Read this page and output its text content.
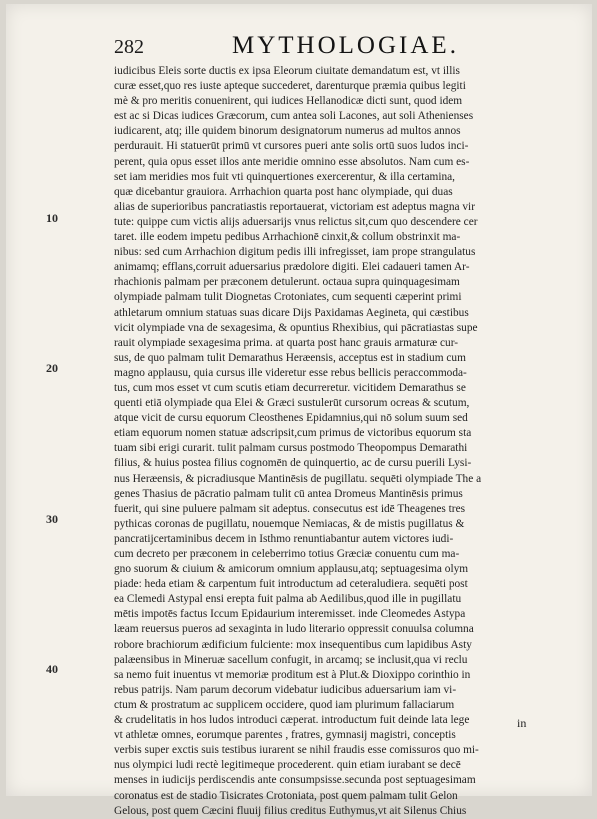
282	MYTHOLOGIAE.
10
20
30
40
iudicibus Eleis sorte ductis ex ipsa Eleorum ciuitate demandatum est, vt illis
curæ esset,quo res iuste apteque succederet, darenturque præmia quibus legiti
mè & pro meritis conuenirent, qui iudices Hellanodicæ dicti sunt, quod idem
est ac si Dicas iudices Græcorum, cum antea soli Lacones, aut soli Athenienses
iudicarent, atq; ille quidem binorum designatorum numerus ad multos annos
perdurauit. Hi statuerūt primū vt cursores pueri ante solis ortū suos ludos inci-
perent, quia opus esset illos ante meridie omnino esse absolutos. Nam cum es-
set iam meridies mos fuit vti quinquertiones exercerentur, & illa certamina,
quæ dicebantur grauiora. Arrhachion quarta post hanc olympiade, qui duas
alias de superioribus pancratiastis reportauerat, victoriam est adeptus magna vir
tute: quippe cum victis alijs aduersarijs vnus relictus sit,cum quo descendere cer
taret. ille eodem impetu pedibus Arrhachionē cinxit,& collum obstrinxit ma-
nibus: sed cum Arrhachion digitum pedis illi infregisset, iam prope strangulatus
animamq; efflans,corruit aduersarius prædolore digiti. Elei cadaueri tamen Ar-
rhachionis palmam per præconem detulerunt. octaua supra quinquagesimam
olympiade palmam tulit Diognetas Crotoniates, cum sequenti cæperint primi
athletarum omnium statuas suas dicare Dijs Paxidamas Aegineta, qui cæstibus
vicit olympiade vna de sexagesima, & opuntius Rhexibius, qui pācratiastas supe
rauit olympiade sexagesima prima. at quarta post hanc grauis armaturæ cur-
sus, de quo palmam tulit Demarathus Heræensis, acceptus est in stadium cum
magno applausu, quia cursus ille videretur esse rebus bellicis peraccommoda-
tus, cum mos esset vt cum scutis etiam decurreretur. vicitidem Demarathus se
quenti etiā olympiade qua Elei & Græci sustulerūt cursorum ocreas & scutum,
atque vicit de cursu equorum Cleosthenes Epidamnius,qui nō solum suum sed
etiam equorum nomen statuæ adscripsit,cum primus de victoribus equorum sta
tuam sibi erigi curarit. tulit palmam cursus postmodo Theopompus Demarathi
filius, & huius postea filius cognomēn de quinquertio, ac de cursu puerili Lysi-
nus Heræensis, & picradiusque Mantinēsis de pugillatu. sequēti olympiade The a
genes Thasius de pācratio palmam tulit cū antea Dromeus Mantinēsis primus
fuerit, qui sine puluere palmam sit adeptus. consecutus est idē Theagenes tres
pythicas coronas de pugillatu, nouemque Nemiacas, & de mistis pugillatus &
pancratijcertaminibus decem in Isthmo renuntiabantur autem victores iudi-
cum decreto per præconem in celeberrimo totius Græciæ conuentu cum ma-
gno suorum & ciuium & amicorum omnium applausu,atq; septuagesima olym
piade: heda etiam & carpentum fuit introductum ad ceteraludiera. sequēti post
ea Clemedi Astypal ensi erepta fuit palma ab Aedilibus,quod ille in pugillatu
mētis impotēs factus Iccum Epidaurium interemisset. inde Cleomedes Astypa
læam reuersus pueros ad sexaginta in ludo literario oppressit conuulsa columna
robore brachiorum ædificium fulciente: mox insequentibus cum lapidibus Asty
palæensibus in Mineruæ sacellum confugit, in arcamq; se inclusit,qua vi reclu
sa nemo fuit inuentus vt memoriæ proditum est à Plut.& Dioxippo corinthio in
rebus patrijs. Nam parum decorum videbatur iudicibus aduersarium iam vi-
ctum & prostratum ac supplicem occidere, quod iam plurimum fallaciarum
& crudelitatis in hos ludos introduci cæperat. introductum fuit deinde lata lege
vt athletæ omnes, eorumque parentes , fratres, gymnasij magistri, conceptis
verbis super exctis suis testibus iurarent se nihil fraudis esse comissuros quo mi-
nus olympici ludi rectè legitimeque procederent. quin etiam iurabant se decē
menses in iudicijs perdiscendis ante consumpsisse.secunda post septuagesimam
coronatus est de stadio Tisicrates Crotoniata, post quem palmam tulit Gelon
Gelous, post quem Cæcini fluuij filius creditus Euthymus,vt ait Silenus Chius
in
